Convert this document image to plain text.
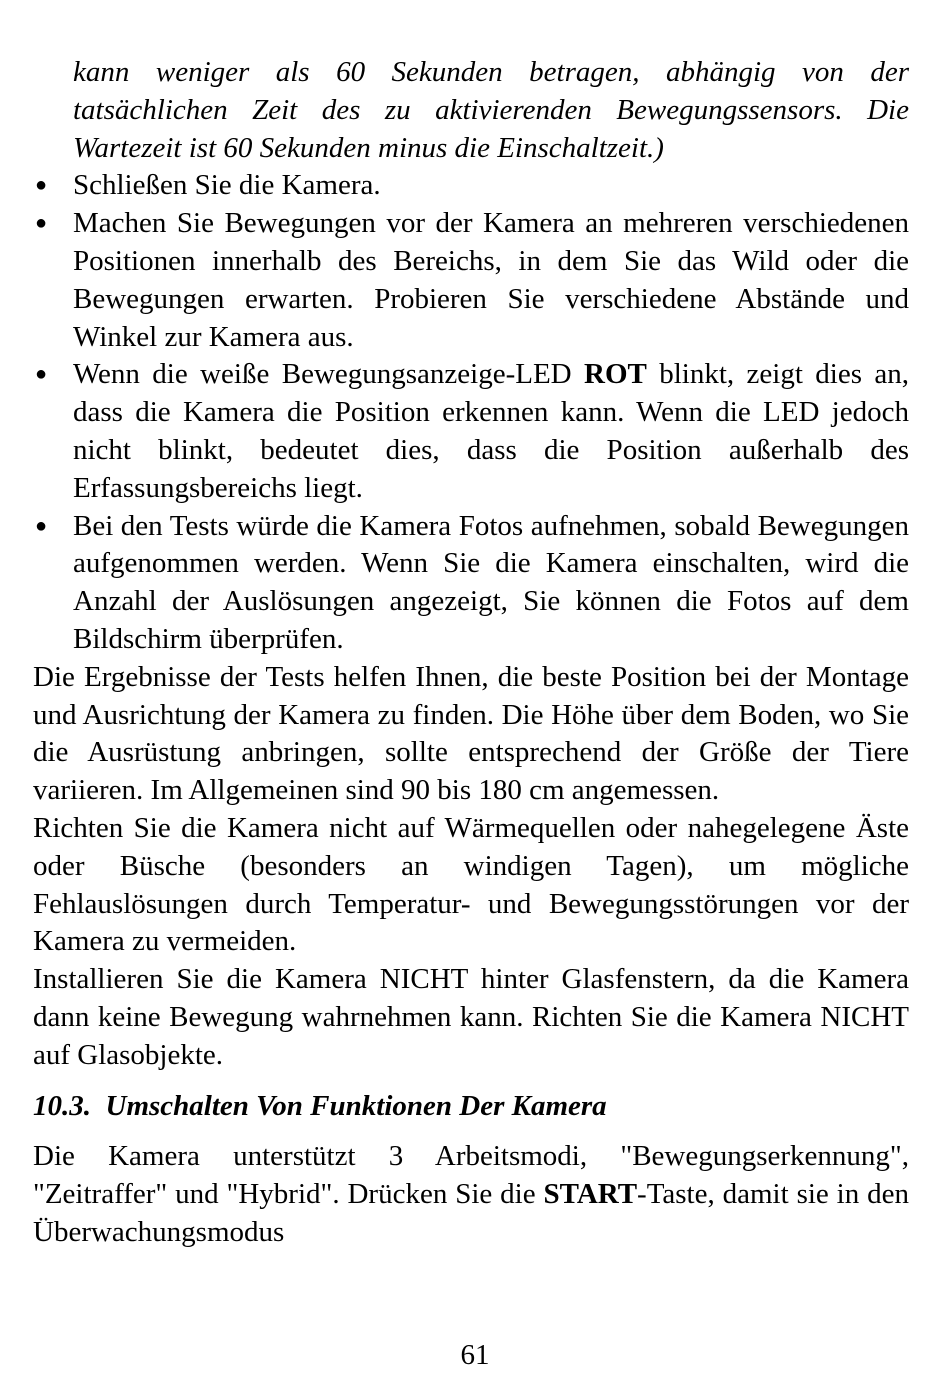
kann weniger als 60 Sekunden betragen, abhängig von der tatsächlichen Zeit des zu aktivierenden Bewegungssensors. Die Wartezeit ist 60 Sekunden minus die Einschaltzeit.)

● Schließen Sie die Kamera.
● Machen Sie Bewegungen vor der Kamera an mehreren verschiedenen Positionen innerhalb des Bereichs, in dem Sie das Wild oder die Bewegungen erwarten. Probieren Sie verschiedene Abstände und Winkel zur Kamera aus.
● Wenn die weiße Bewegungsanzeige-LED ROT blinkt, zeigt dies an, dass die Kamera die Position erkennen kann. Wenn die LED jedoch nicht blinkt, bedeutet dies, dass die Position außerhalb des Erfassungsbereichs liegt.
● Bei den Tests würde die Kamera Fotos aufnehmen, sobald Bewegungen aufgenommen werden. Wenn Sie die Kamera einschalten, wird die Anzahl der Auslösungen angezeigt, Sie können die Fotos auf dem Bildschirm überprüfen.

Die Ergebnisse der Tests helfen Ihnen, die beste Position bei der Montage und Ausrichtung der Kamera zu finden. Die Höhe über dem Boden, wo Sie die Ausrüstung anbringen, sollte entsprechend der Größe der Tiere variieren. Im Allgemeinen sind 90 bis 180 cm angemessen.

Richten Sie die Kamera nicht auf Wärmequellen oder nahegelegene Äste oder Büsche (besonders an windigen Tagen), um mögliche Fehlauslösungen durch Temperatur- und Bewegungsstörungen vor der Kamera zu vermeiden.

Installieren Sie die Kamera NICHT hinter Glasfenstern, da die Kamera dann keine Bewegung wahrnehmen kann. Richten Sie die Kamera NICHT auf Glasobjekte.

10.3. Umschalten Von Funktionen Der Kamera

Die Kamera unterstützt 3 Arbeitsmodi, "Bewegungserkennung", "Zeitraffer" und "Hybrid". Drücken Sie die START-Taste, damit sie in den Überwachungsmodus

61
